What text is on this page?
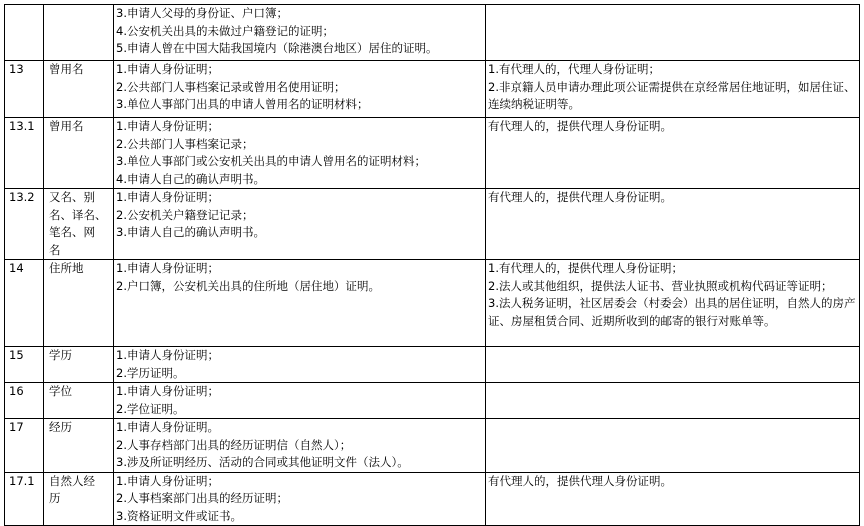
		3.申请人父母的身份证、户口簿；
4.公安机关出具的未做过户籍登记的证明；
5.申请人曾在中国大陆我国境内（除港澳台地区）居住的证明。	

13	曾用名	1.申请人身份证明；
2.公共部门人事档案记录或曾用名使用证明；
3.单位人事部门出具的申请人曾用名的证明材料；	1.有代理人的，代理人身份证明；
2.非京籍人员申请办理此项公证需提供在京经常居住地证明，如居住证、连续纳税证明等。

13.1	曾用名	1.申请人身份证明；
2.公共部门人事档案记录；
3.单位人事部门或公安机关出具的申请人曾用名的证明材料；
4.申请人自己的确认声明书。	有代理人的，提供代理人身份证明。

13.2	又名、别
名、译名、
笔名、网
名	1.申请人身份证明；
2.公安机关户籍登记记录；
3.申请人自己的确认声明书。	有代理人的，提供代理人身份证明。

14	住所地	1.申请人身份证明；
2.户口簿，公安机关出具的住所地（居住地）证明。	1.有代理人的，提供代理人身份证明；
2.法人或其他组织，提供法人证书、营业执照或机构代码证等证明；
3.法人税务证明，社区居委会（村委会）出具的居住证明，自然人的房产证、房屋租赁合同、近期所收到的邮寄的银行对账单等。

15	学历	1.申请人身份证明；
2.学历证明。	

16	学位	1.申请人身份证明；
2.学位证明。	

17	经历	1.申请人身份证明。
2.人事存档部门出具的经历证明信（自然人）；
3.涉及所证明经历、活动的合同或其他证明文件（法人）。	

17.1	自然人经
历	1.申请人身份证明；
2.人事档案部门出具的经历证明；
3.资格证明文件或证书。	有代理人的，提供代理人身份证明。
